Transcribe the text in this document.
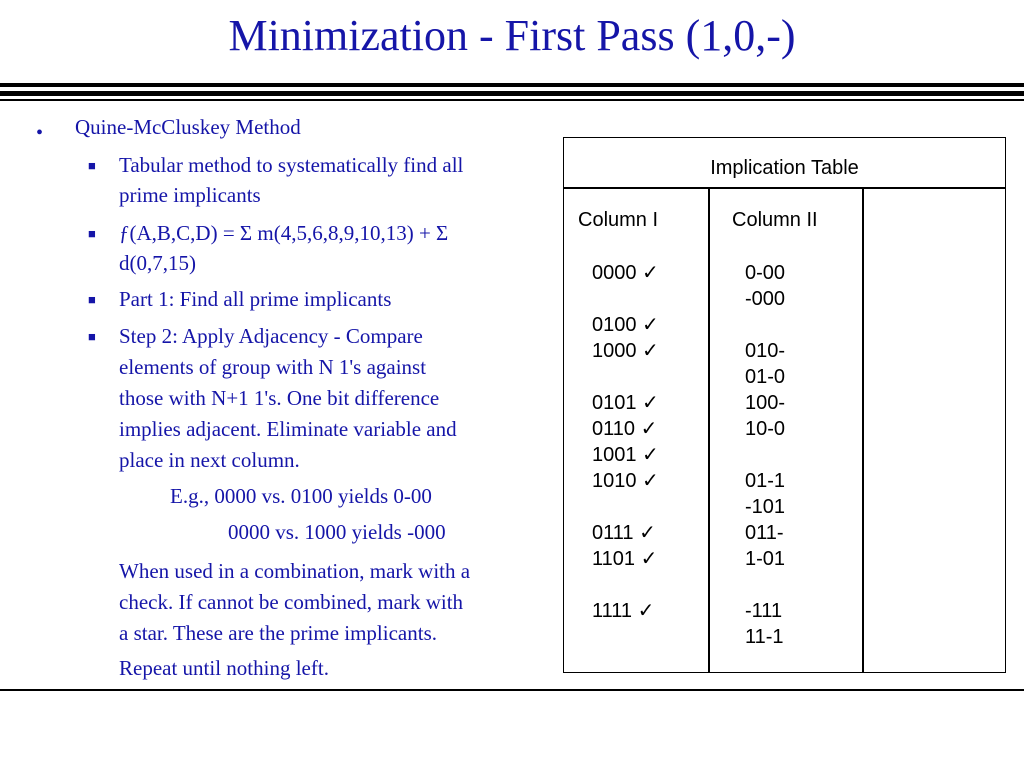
Minimization - First Pass (1,0,-)
• Quine-McCluskey Method
■ Tabular method to systematically find all
prime implicants
■ ƒ(A,B,C,D) = Σ m(4,5,6,8,9,10,13) + Σ
d(0,7,15)
■ Part 1: Find all prime implicants
■ Step 2: Apply Adjacency - Compare
elements of group with N 1's against
those with N+1 1's. One bit difference
implies adjacent. Eliminate variable and
place in next column.
E.g., 0000 vs. 0100 yields 0-00
0000 vs. 1000 yields -000
When used in a combination, mark with a
check. If cannot be combined, mark with
a star. These are the prime implicants.
Repeat until nothing left.
Implication Table
Column I	Column II
0000 ✓
0100 ✓
1000 ✓
0101 ✓
0110 ✓
1001 ✓
1010 ✓
0111 ✓
1101 ✓
1111 ✓
0-00
-000
010-
01-0
100-
10-0
01-1
-101
011-
1-01
-111
11-1
